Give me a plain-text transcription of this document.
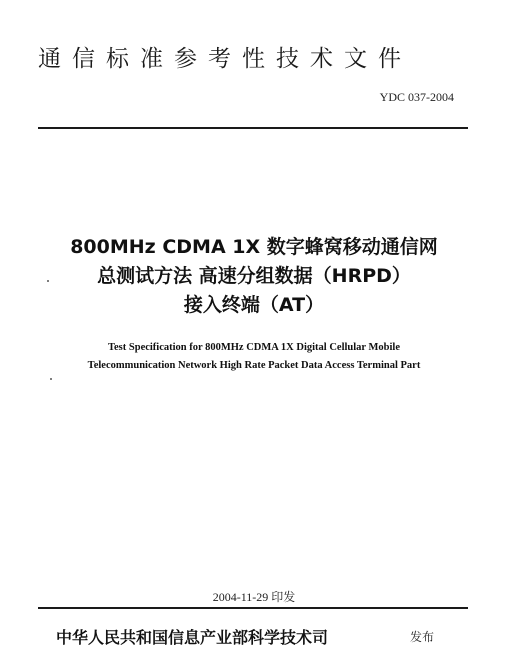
通信标准参考性技术文件
YDC 037-2004
800MHz CDMA 1X 数字蜂窝移动通信网
总测试方法 高速分组数据（HRPD）
接入终端（AT）
Test Specification for 800MHz CDMA 1X Digital Cellular Mobile
Telecommunication Network High Rate Packet Data Access Terminal Part
2004-11-29 印发
中华人民共和国信息产业部科学技术司	发布
